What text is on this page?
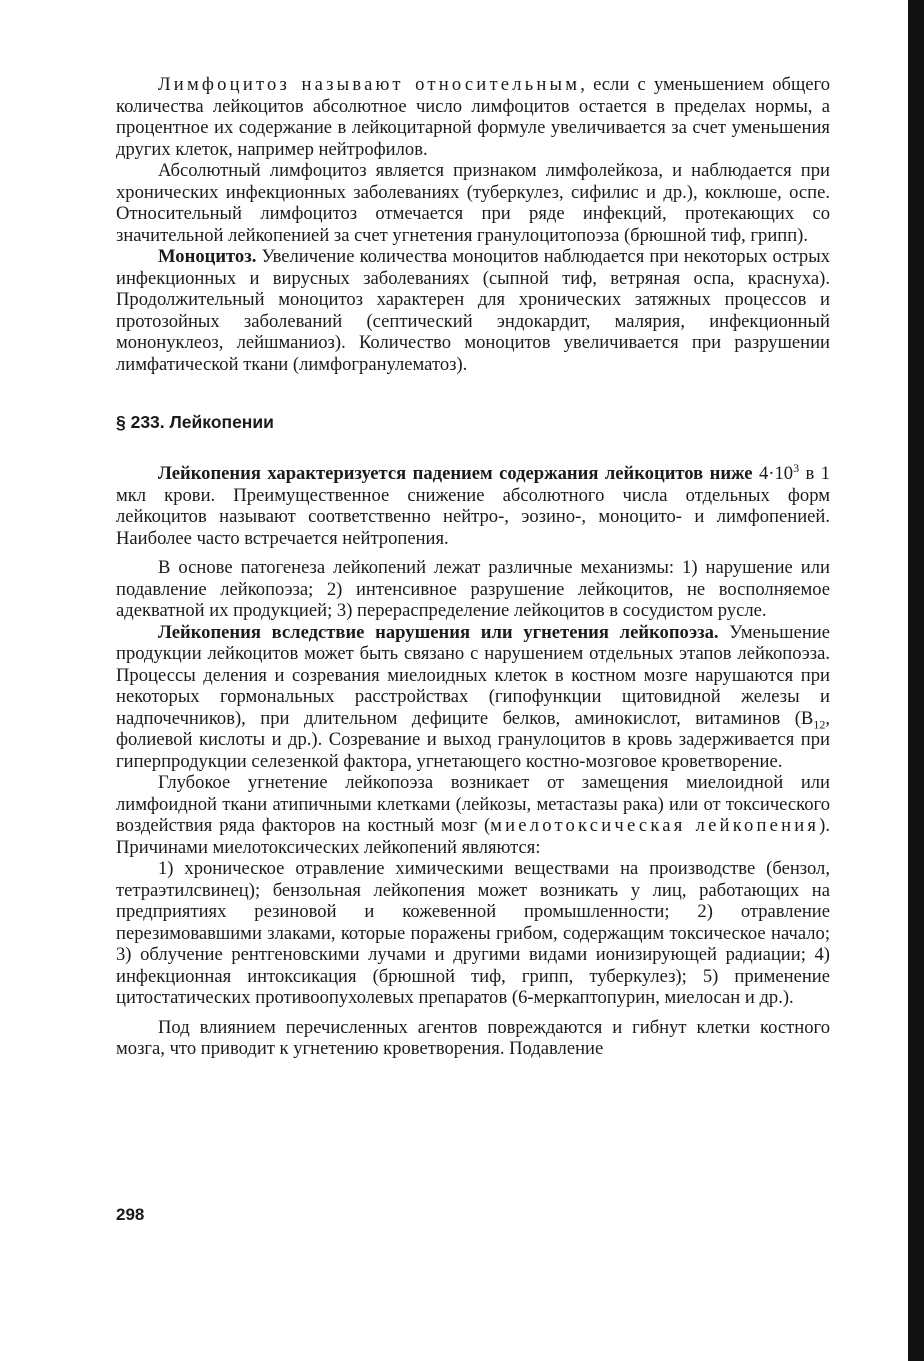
Лимфоцитоз называют относительным, если с уменьшением общего количества лейкоцитов абсолютное число лимфоцитов остается в пределах нормы, а процентное их содержание в лейкоцитарной формуле увеличивается за счет уменьшения других клеток, например нейтрофилов.

Абсолютный лимфоцитоз является признаком лимфолейкоза, и наблюдается при хронических инфекционных заболеваниях (туберкулез, сифилис и др.), коклюше, оспе. Относительный лимфоцитоз отмечается при ряде инфекций, протекающих со значительной лейкопенией за счет угнетения гранулоцитопоэза (брюшной тиф, грипп).

Моноцитоз. Увеличение количества моноцитов наблюдается при некоторых острых инфекционных и вирусных заболеваниях (сыпной тиф, ветряная оспа, краснуха). Продолжительный моноцитоз характерен для хронических затяжных процессов и протозойных заболеваний (септический эндокардит, малярия, инфекционный мононуклеоз, лейшманиоз). Количество моноцитов увеличивается при разрушении лимфатической ткани (лимфогранулематоз).

§ 233. Лейкопении

Лейкопения характеризуется падением содержания лейкоцитов ниже $4\cdot 10^3$ в 1 мкл крови. Преимущественное снижение абсолютного числа отдельных форм лейкоцитов называют соответственно нейтро-, эозино-, моноцито- и лимфопенией. Наиболее часто встречается нейтропения.

В основе патогенеза лейкопений лежат различные механизмы: 1) нарушение или подавление лейкопоэза; 2) интенсивное разрушение лейкоцитов, не восполняемое адекватной их продукцией; 3) перераспределение лейкоцитов в сосудистом русле.

Лейкопения вследствие нарушения или угнетения лейкопоэза. Уменьшение продукции лейкоцитов может быть связано с нарушением отдельных этапов лейкопоэза. Процессы деления и созревания миелоидных клеток в костном мозге нарушаются при некоторых гормональных расстройствах (гипофункции щитовидной железы и надпочечников), при длительном дефиците белков, аминокислот, витаминов ($B_{12}$, фолиевой кислоты и др.). Созревание и выход гранулоцитов в кровь задерживается при гиперпродукции селезенкой фактора, угнетающего костно-мозговое кроветворение.

Глубокое угнетение лейкопоэза возникает от замещения миелоидной или лимфоидной ткани атипичными клетками (лейкозы, метастазы рака) или от токсического воздействия ряда факторов на костный мозг (миелотоксическая лейкопения). Причинами миелотоксических лейкопений являются:

1) хроническое отравление химическими веществами на производстве (бензол, тетраэтилсвинец); бензольная лейкопения может возникать у лиц, работающих на предприятиях резиновой и кожевенной промышленности; 2) отравление перезимовавшими злаками, которые поражены грибом, содержащим токсическое начало; 3) облучение рентгеновскими лучами и другими видами ионизирующей радиации; 4) инфекционная интоксикация (брюшной тиф, грипп, туберкулез); 5) применение цитостатических противоопухолевых препаратов (6-меркаптопурин, миелосан и др.).

Под влиянием перечисленных агентов повреждаются и гибнут клетки костного мозга, что приводит к угнетению кроветворения. Подавление

298
